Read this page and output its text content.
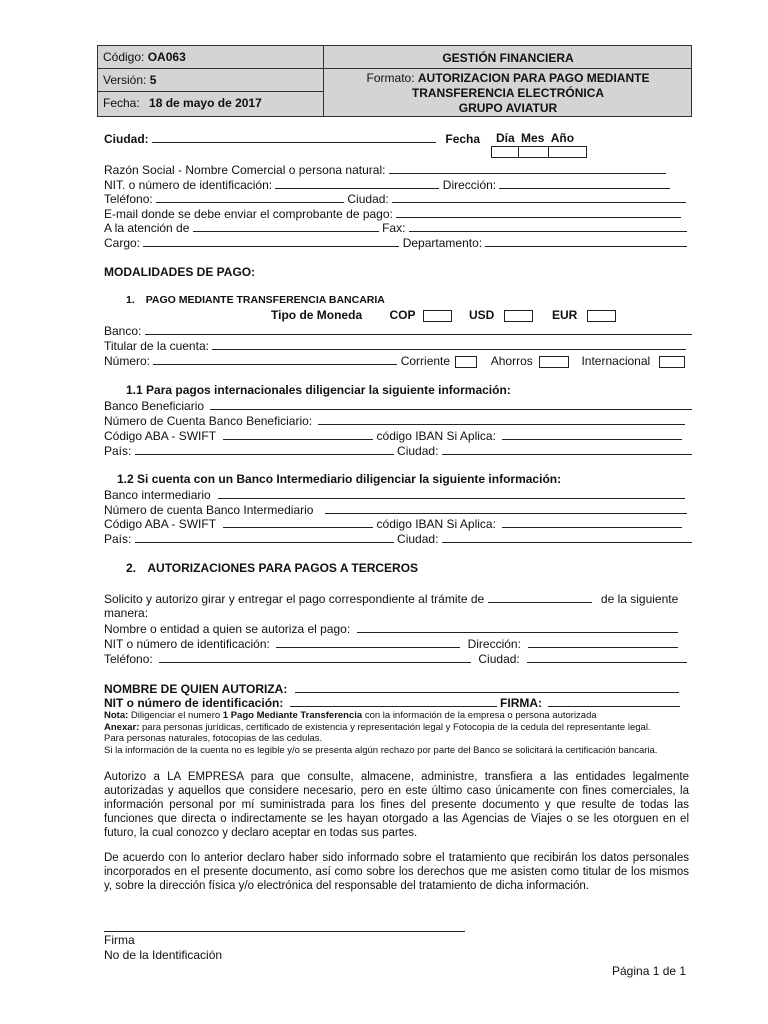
Código: OA063
Versión: 5
Fecha: 18 de mayo de 2017
GESTIÓN FINANCIERA
Formato: AUTORIZACION PARA PAGO MEDIANTE
TRANSFERENCIA ELECTRÓNICA
GRUPO AVIATUR
Ciudad:	Fecha Día Mes Año
Razón Social - Nombre Comercial o persona natural:
NIT. o número de identificación:	Dirección:
Teléfono:	Ciudad:
E-mail donde se debe enviar el comprobante de pago:
A la atención de	Fax:
Cargo:	Departamento:
MODALIDADES DE PAGO:
1. PAGO MEDIANTE TRANSFERENCIA BANCARIA
Tipo de Moneda COP	USD	EUR
Banco:
Titular de la cuenta:
Número:	Corriente	Ahorros	Internacional
1.1 Para pagos internacionales diligenciar la siguiente información:
Banco Beneficiario
Número de Cuenta Banco Beneficiario:
Código ABA - SWIFT	código IBAN Si Aplica:
País:	Ciudad:
1.2 Si cuenta con un Banco Intermediario diligenciar la siguiente información:
Banco intermediario
Número de cuenta Banco Intermediario
Código ABA - SWIFT	código IBAN Si Aplica:
País:	Ciudad:
2. AUTORIZACIONES PARA PAGOS A TERCEROS
Solicito y autorizo girar y entregar el pago correspondiente al trámite de	de la siguiente
manera:
Nombre o entidad a quien se autoriza el pago:
NIT o número de identificación:	Dirección:
Teléfono:	Ciudad:
NOMBRE DE QUIEN AUTORIZA:
NIT o número de identificación:	FIRMA:
Nota: Diligenciar el numero 1 Pago Mediante Transferencia con la información de la empresa o persona autorizada
Anexar: para personas jurídicas, certificado de existencia y representación legal y Fotocopia de la cedula del representante legal.
Para personas naturales, fotocopias de las cedulas.
Si la información de la cuenta no es legible y/o se presenta algún rechazo por parte del Banco se solicitará la certificación bancaria.
Autorizo a LA EMPRESA para que consulte, almacene, administre, transfiera a las entidades legalmente autorizadas y aquellos que considere necesario, pero en este último caso únicamente con fines comerciales, la información personal por mí suministrada para los fines del presente documento y que resulte de todas las funciones que directa o indirectamente se les hayan otorgado a las Agencias de Viajes o se les otorguen en el futuro, la cual conozco y declaro aceptar en todas sus partes.
De acuerdo con lo anterior declaro haber sido informado sobre el tratamiento que recibirán los datos personales incorporados en el presente documento, así como sobre los derechos que me asisten como titular de los mismos y, sobre la dirección física y/o electrónica del responsable del tratamiento de dicha información.
Firma
No de la Identificación
Página 1 de 1
